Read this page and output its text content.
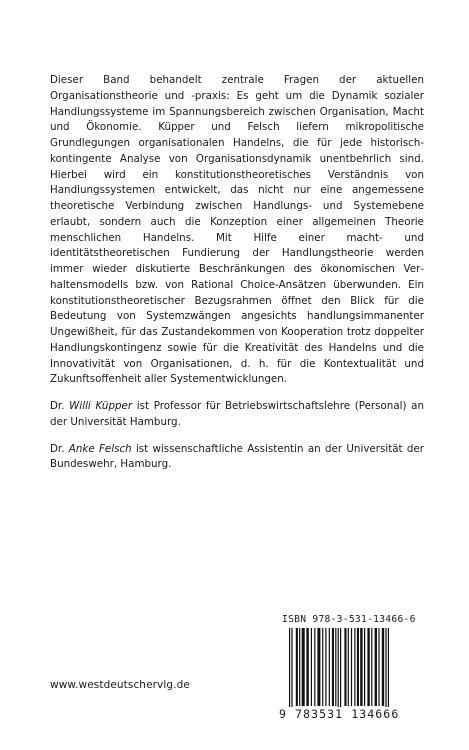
Dieser Band behandelt zentrale Fragen der aktuellen Organisationstheorie und -praxis: Es geht um die Dynamik sozialer Handlungssysteme im Spannungsbereich zwischen Organisation, Macht und Ökonomie. Küpper und Felsch liefern mikropolitische Grundlegungen organisationalen Handelns, die für jede historisch-kontingente Analyse von Organisationsdynamik unentbehrlich sind. Hierbei wird ein konstitutionstheoretisches Verständnis von Handlungssystemen entwickelt, das nicht nur eine angemessene theoretische Verbindung zwischen Handlungs- und Systemebene erlaubt, sondern auch die Konzeption einer allgemeinen Theorie menschlichen Handelns. Mit Hilfe einer macht- und identitätstheoretischen Fundierung der Handlungstheorie werden immer wieder diskutierte Beschränkungen des ökonomischen Verhaltensmodells bzw. von Rational Choice-Ansätzen überwunden. Ein konstitutionstheoretischer Bezugsrahmen öffnet den Blick für die Bedeutung von Systemzwängen angesichts handlungsimmanenter Ungewißheit, für das Zustandekommen von Kooperation trotz doppelter Handlungskontingenz sowie für die Kreativität des Handelns und die Innovativität von Organisationen, d. h. für die Kontextualität und Zukunftsoffenheit aller Systementwicklungen.

Dr. Willi Küpper ist Professor für Betriebswirtschaftslehre (Personal) an der Universität Hamburg.

Dr. Anke Felsch ist wissenschaftliche Assistentin an der Universität der Bundeswehr, Hamburg.

www.westdeutschervlg.de
ISBN 978-3-531-13466-6
9 783531 134666
